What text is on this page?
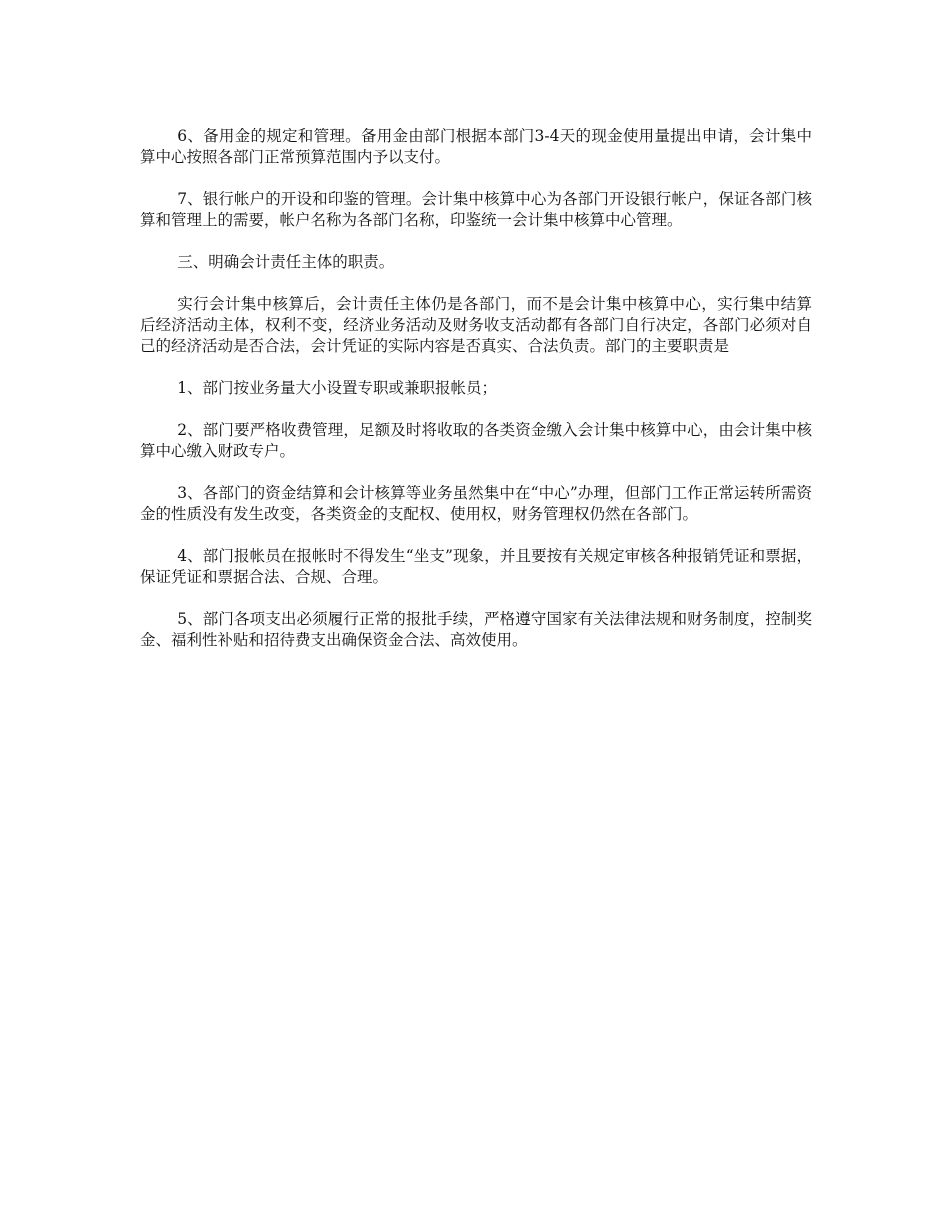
6、备用金的规定和管理。备用金由部门根据本部门3-4天的现金使用量提出申请，会计集中算中心按照各部门正常预算范围内予以支付。

7、银行帐户的开设和印鉴的管理。会计集中核算中心为各部门开设银行帐户，保证各部门核算和管理上的需要，帐户名称为各部门名称，印鉴统一会计集中核算中心管理。

三、明确会计责任主体的职责。

实行会计集中核算后，会计责任主体仍是各部门，而不是会计集中核算中心，实行集中结算后经济活动主体，权利不变，经济业务活动及财务收支活动都有各部门自行决定，各部门必须对自己的经济活动是否合法，会计凭证的实际内容是否真实、合法负责。部门的主要职责是

1、部门按业务量大小设置专职或兼职报帐员；

2、部门要严格收费管理，足额及时将收取的各类资金缴入会计集中核算中心，由会计集中核算中心缴入财政专户。

3、各部门的资金结算和会计核算等业务虽然集中在“中心”办理，但部门工作正常运转所需资金的性质没有发生改变，各类资金的支配权、使用权，财务管理权仍然在各部门。

4、部门报帐员在报帐时不得发生“坐支”现象，并且要按有关规定审核各种报销凭证和票据，保证凭证和票据合法、合规、合理。

5、部门各项支出必须履行正常的报批手续，严格遵守国家有关法律法规和财务制度，控制奖金、福利性补贴和招待费支出确保资金合法、高效使用。
